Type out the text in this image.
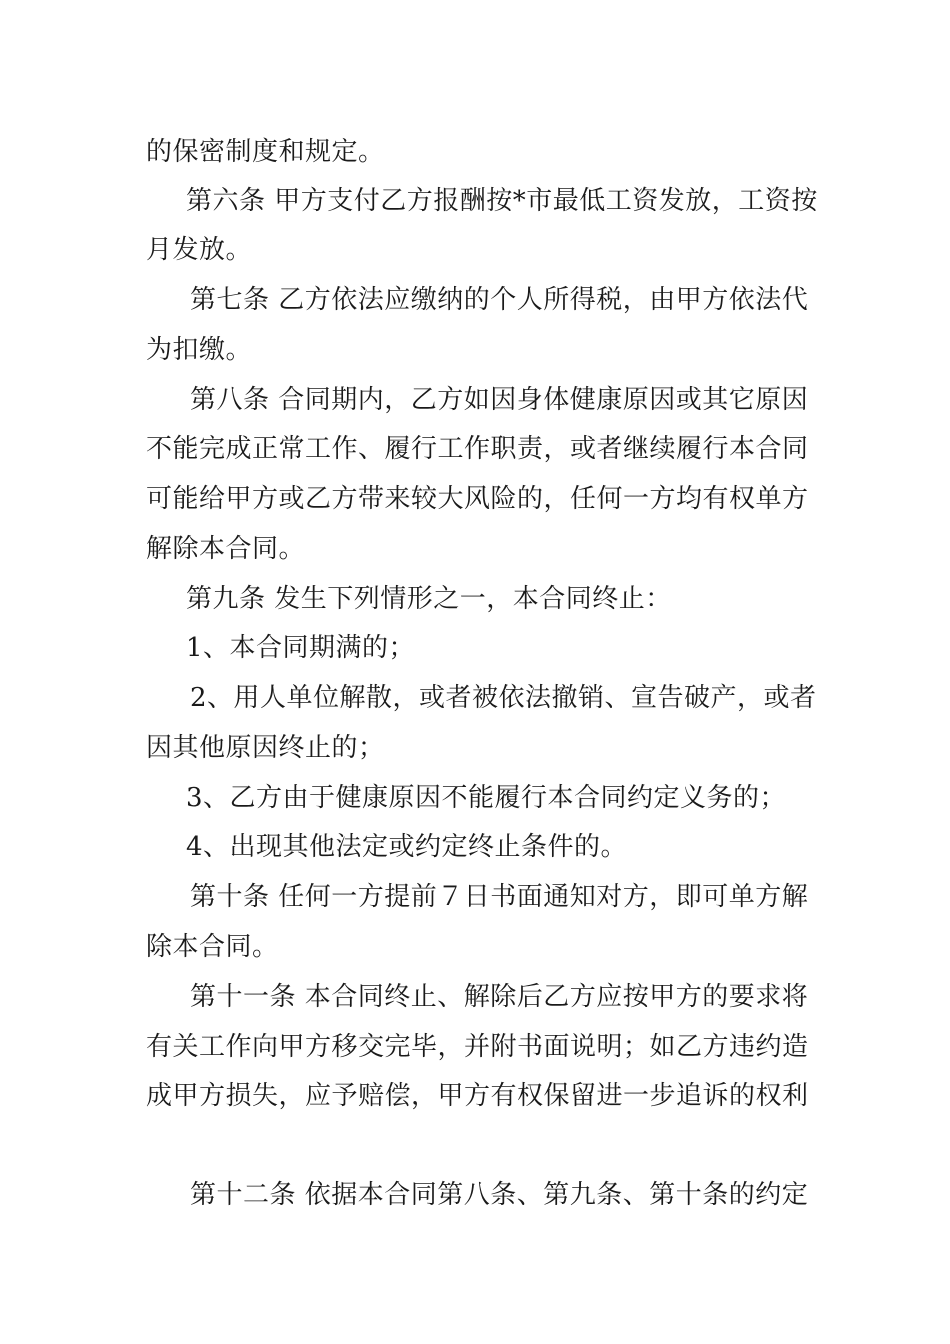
的保密制度和规定。
第六条 甲方支付乙方报酬按*市最低工资发放，工资按
月发放。
第七条 乙方依法应缴纳的个人所得税，由甲方依法代
为扣缴。
第八条 合同期内，乙方如因身体健康原因或其它原因
不能完成正常工作、履行工作职责，或者继续履行本合同
可能给甲方或乙方带来较大风险的，任何一方均有权单方
解除本合同。
第九条 发生下列情形之一，本合同终止：
1、本合同期满的；
2、用人单位解散，或者被依法撤销、宣告破产，或者
因其他原因终止的；
3、乙方由于健康原因不能履行本合同约定义务的；
4、出现其他法定或约定终止条件的。
第十条 任何一方提前７日书面通知对方，即可单方解
除本合同。
第十一条 本合同终止、解除后乙方应按甲方的要求将
有关工作向甲方移交完毕，并附书面说明；如乙方违约造
成甲方损失，应予赔偿，甲方有权保留进一步追诉的权利
第十二条 依据本合同第八条、第九条、第十条的约定
